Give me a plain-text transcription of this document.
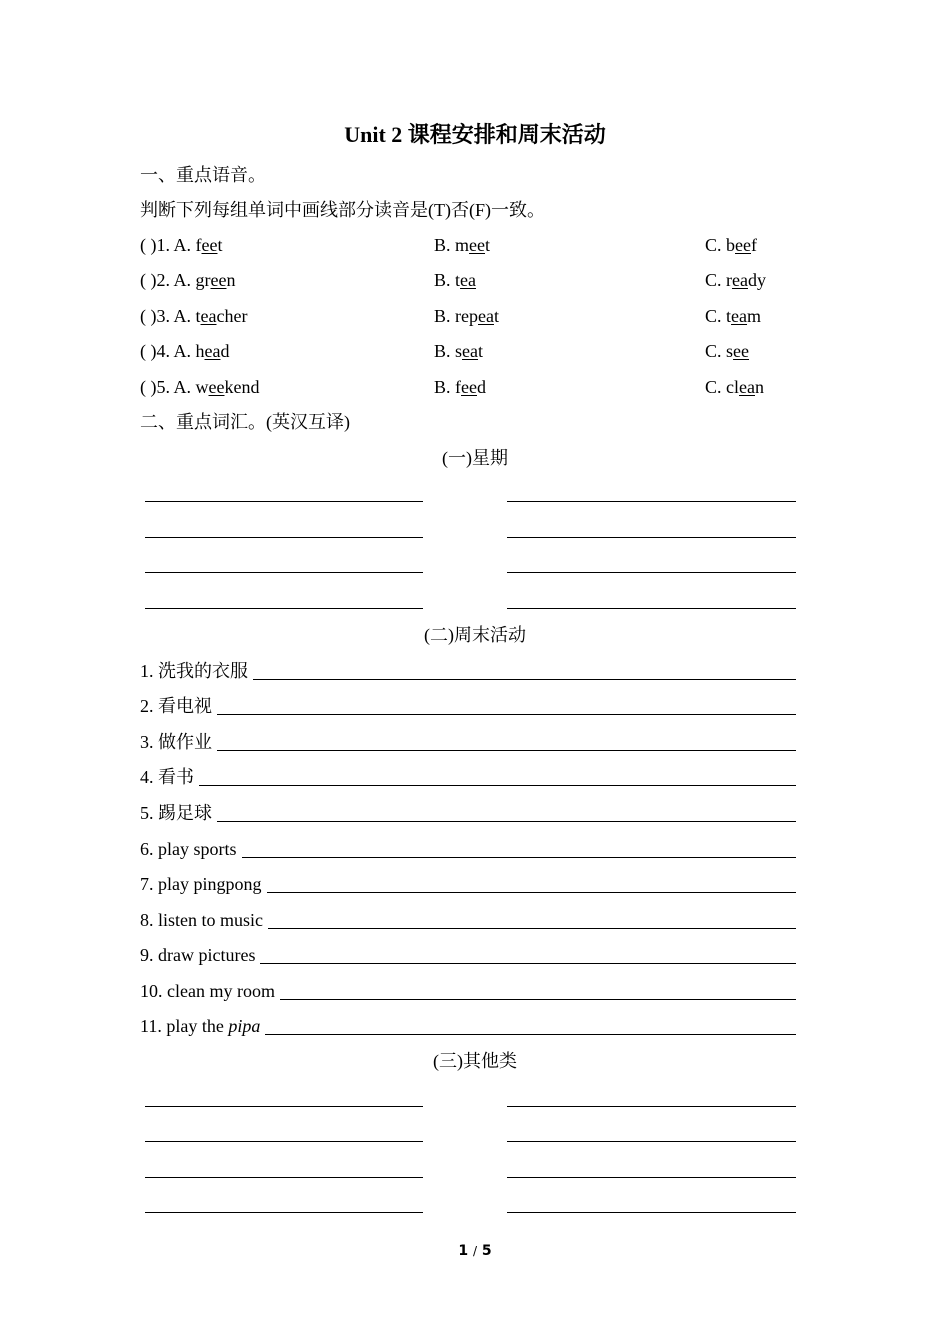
Unit 2 课程安排和周末活动
一、重点语音。
判断下列每组单词中画线部分读音是(T)否(F)一致。
( )1. A. feet	B. meet	C. beef
( )2. A. green	B. tea	C. ready
( )3. A. teacher	B. repeat	C. team
( )4. A. head	B. seat	C. see
( )5. A. weekend	B. feed	C. clean
二、重点词汇。(英汉互译)
(一)星期
(二)周末活动
1. 洗我的衣服
2. 看电视
3. 做作业
4. 看书
5. 踢足球
6. play sports
7. play pingpong
8. listen to music
9. draw pictures
10. clean my room
11. play the pipa
(三)其他类
1 / 5
